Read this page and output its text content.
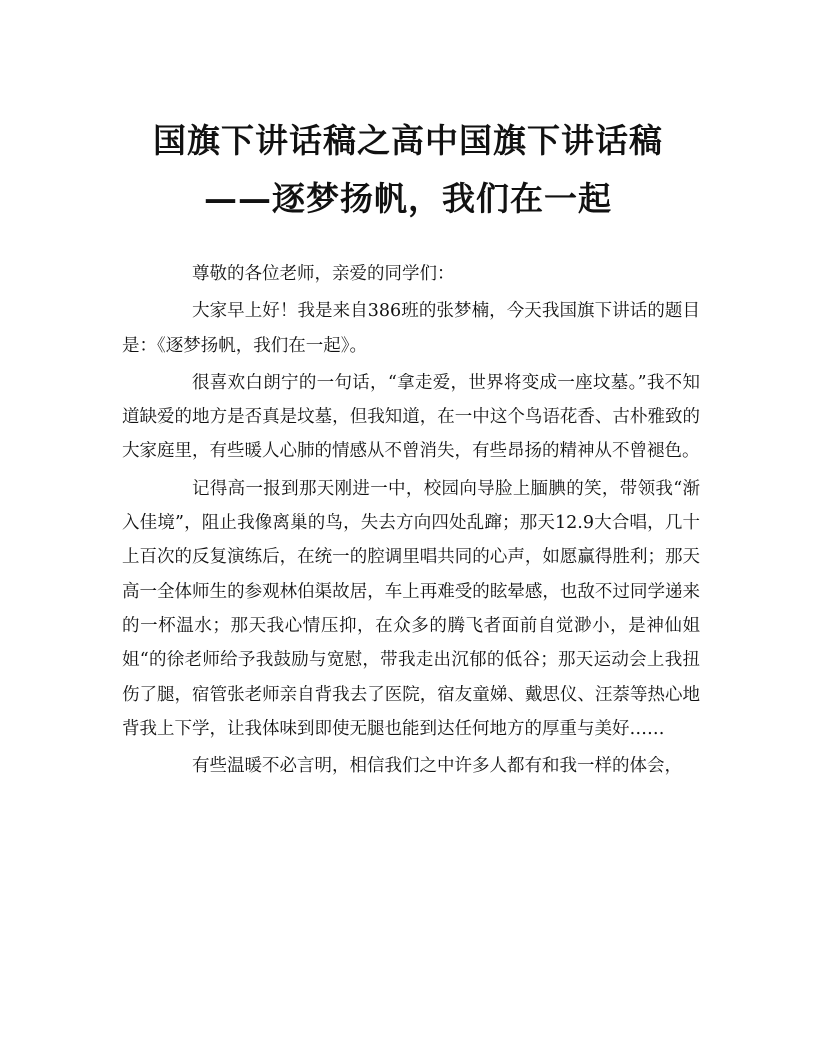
国旗下讲话稿之高中国旗下讲话稿
——逐梦扬帆，我们在一起

尊敬的各位老师，亲爱的同学们：

大家早上好！我是来自386班的张梦楠，今天我国旗下讲话的题目是：《逐梦扬帆，我们在一起》。

很喜欢白朗宁的一句话，“拿走爱，世界将变成一座坟墓。”我不知道缺爱的地方是否真是坟墓，但我知道，在一中这个鸟语花香、古朴雅致的大家庭里，有些暖人心肺的情感从不曾消失，有些昂扬的精神从不曾褪色。

记得高一报到那天刚进一中，校园向导脸上腼腆的笑，带领我“渐入佳境”，阻止我像离巢的鸟，失去方向四处乱蹿；那天12.9大合唱，几十上百次的反复演练后，在统一的腔调里唱共同的心声，如愿赢得胜利；那天高一全体师生的参观林伯渠故居，车上再难受的眩晕感，也敌不过同学递来的一杯温水；那天我心情压抑，在众多的腾飞者面前自觉渺小，是神仙姐姐“的徐老师给予我鼓励与宽慰，带我走出沉郁的低谷；那天运动会上我扭伤了腿，宿管张老师亲自背我去了医院，宿友童娣、戴思仪、汪萘等热心地背我上下学，让我体味到即使无腿也能到达任何地方的厚重与美好……

有些温暖不必言明，相信我们之中许多人都有和我一样的体会，
